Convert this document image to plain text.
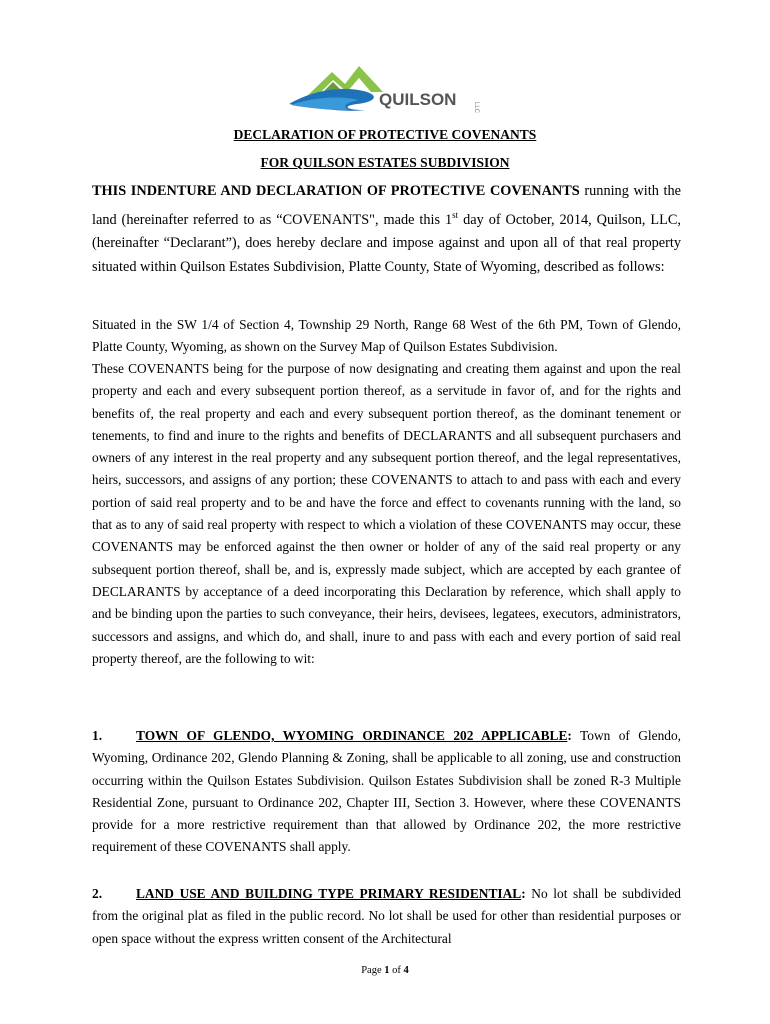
QUILSON	LLC
DECLARATION OF PROTECTIVE COVENANTS
FOR QUILSON ESTATES SUBDIVISION
THIS INDENTURE AND DECLARATION OF PROTECTIVE COVENANTS running with the land (hereinafter referred to as “COVENANTS", made this 1st day of October, 2014, Quilson, LLC, (hereinafter “Declarant”), does hereby declare and impose against and upon all of that real property situated within Quilson Estates Subdivision, Platte County, State of Wyoming, described as follows:
Situated in the SW 1/4 of Section 4, Township 29 North, Range 68 West of the 6th PM, Town of Glendo, Platte County, Wyoming, as shown on the Survey Map of Quilson Estates Subdivision.
These COVENANTS being for the purpose of now designating and creating them against and upon the real property and each and every subsequent portion thereof, as a servitude in favor of, and for the rights and benefits of, the real property and each and every subsequent portion thereof, as the dominant tenement or tenements, to find and inure to the rights and benefits of DECLARANTS and all subsequent purchasers and owners of any interest in the real property and any subsequent portion thereof, and the legal representatives, heirs, successors, and assigns of any portion; these COVENANTS to attach to and pass with each and every portion of said real property and to be and have the force and effect to covenants running with the land, so that as to any of said real property with respect to which a violation of these COVENANTS may occur, these COVENANTS may be enforced against the then owner or holder of any of the said real property or any subsequent portion thereof, shall be, and is, expressly made subject, which are accepted by each grantee of DECLARANTS by acceptance of a deed incorporating this Declaration by reference, which shall apply to and be binding upon the parties to such conveyance, their heirs, devisees, legatees, executors, administrators, successors and assigns, and which do, and shall, inure to and pass with each and every portion of said real property thereof, are the following to wit:
1.	TOWN OF GLENDO, WYOMING ORDINANCE 202 APPLICABLE: Town of Glendo, Wyoming, Ordinance 202, Glendo Planning & Zoning, shall be applicable to all zoning, use and construction occurring within the Quilson Estates Subdivision. Quilson Estates Subdivision shall be zoned R-3 Multiple Residential Zone, pursuant to Ordinance 202, Chapter III, Section 3. However, where these COVENANTS provide for a more restrictive requirement than that allowed by Ordinance 202, the more restrictive requirement of these COVENANTS shall apply.
2.	LAND USE AND BUILDING TYPE PRIMARY RESIDENTIAL: No lot shall be subdivided from the original plat as filed in the public record. No lot shall be used for other than residential purposes or open space without the express written consent of the Architectural
Page 1 of 4
